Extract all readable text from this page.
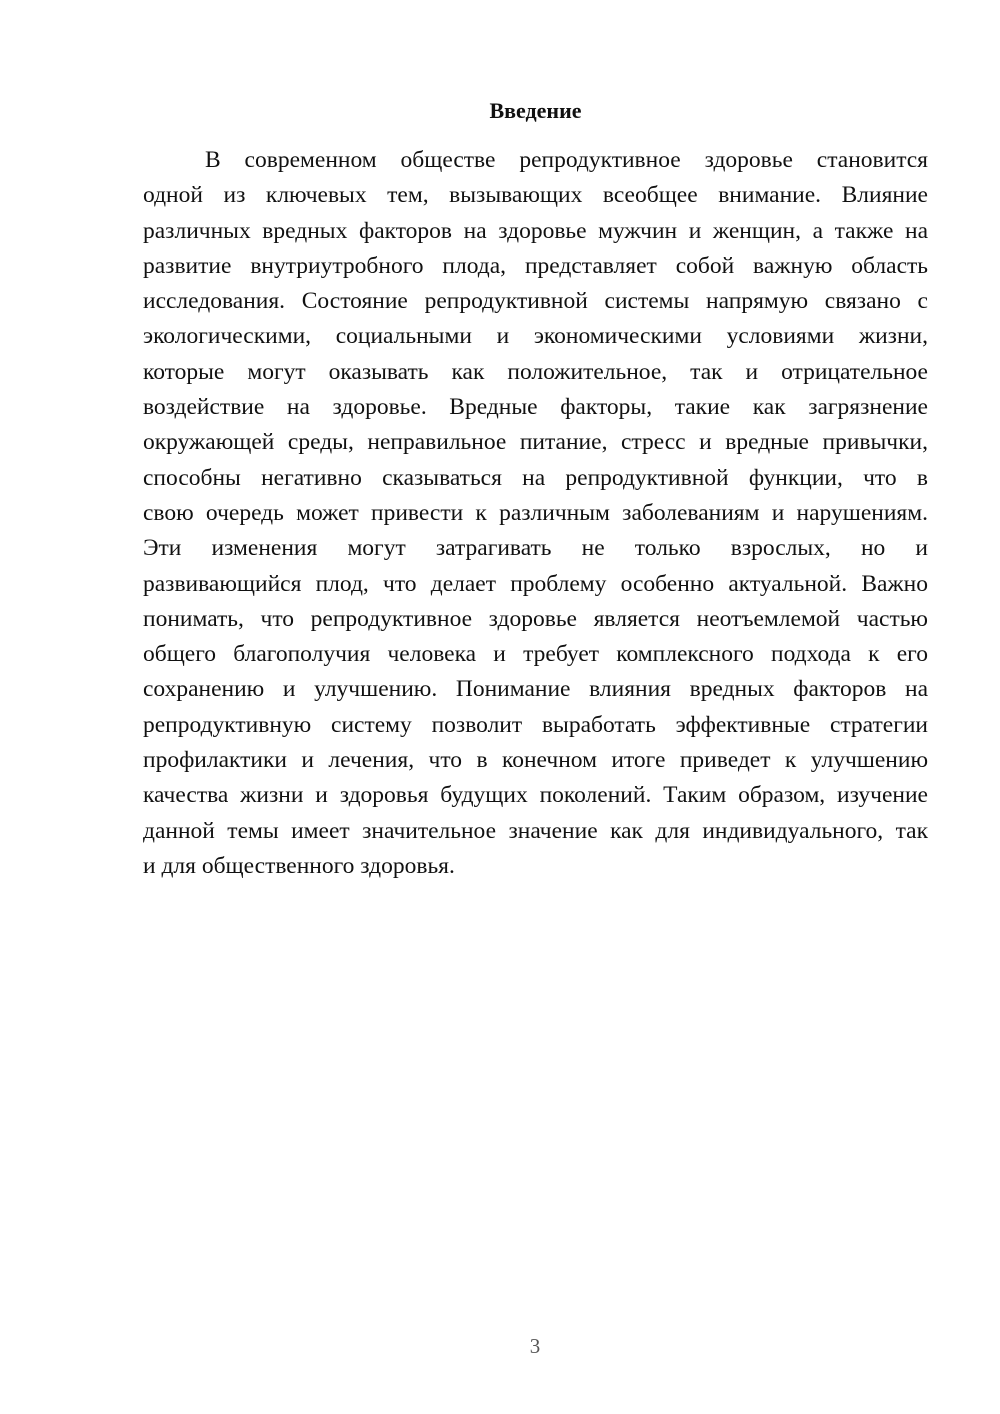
Введение
В современном обществе репродуктивное здоровье становится
одной из ключевых тем, вызывающих всеобщее внимание. Влияние
различных вредных факторов на здоровье мужчин и женщин, а также на
развитие внутриутробного плода, представляет собой важную область
исследования. Состояние репродуктивной системы напрямую связано с
экологическими, социальными и экономическими условиями жизни,
которые могут оказывать как положительное, так и отрицательное
воздействие на здоровье. Вредные факторы, такие как загрязнение
окружающей среды, неправильное питание, стресс и вредные привычки,
способны негативно сказываться на репродуктивной функции, что в
свою очередь может привести к различным заболеваниям и нарушениям.
Эти изменения могут затрагивать не только взрослых, но и
развивающийся плод, что делает проблему особенно актуальной. Важно
понимать, что репродуктивное здоровье является неотъемлемой частью
общего благополучия человека и требует комплексного подхода к его
сохранению и улучшению. Понимание влияния вредных факторов на
репродуктивную систему позволит выработать эффективные стратегии
профилактики и лечения, что в конечном итоге приведет к улучшению
качества жизни и здоровья будущих поколений. Таким образом, изучение
данной темы имеет значительное значение как для индивидуального, так
и для общественного здоровья.
3
